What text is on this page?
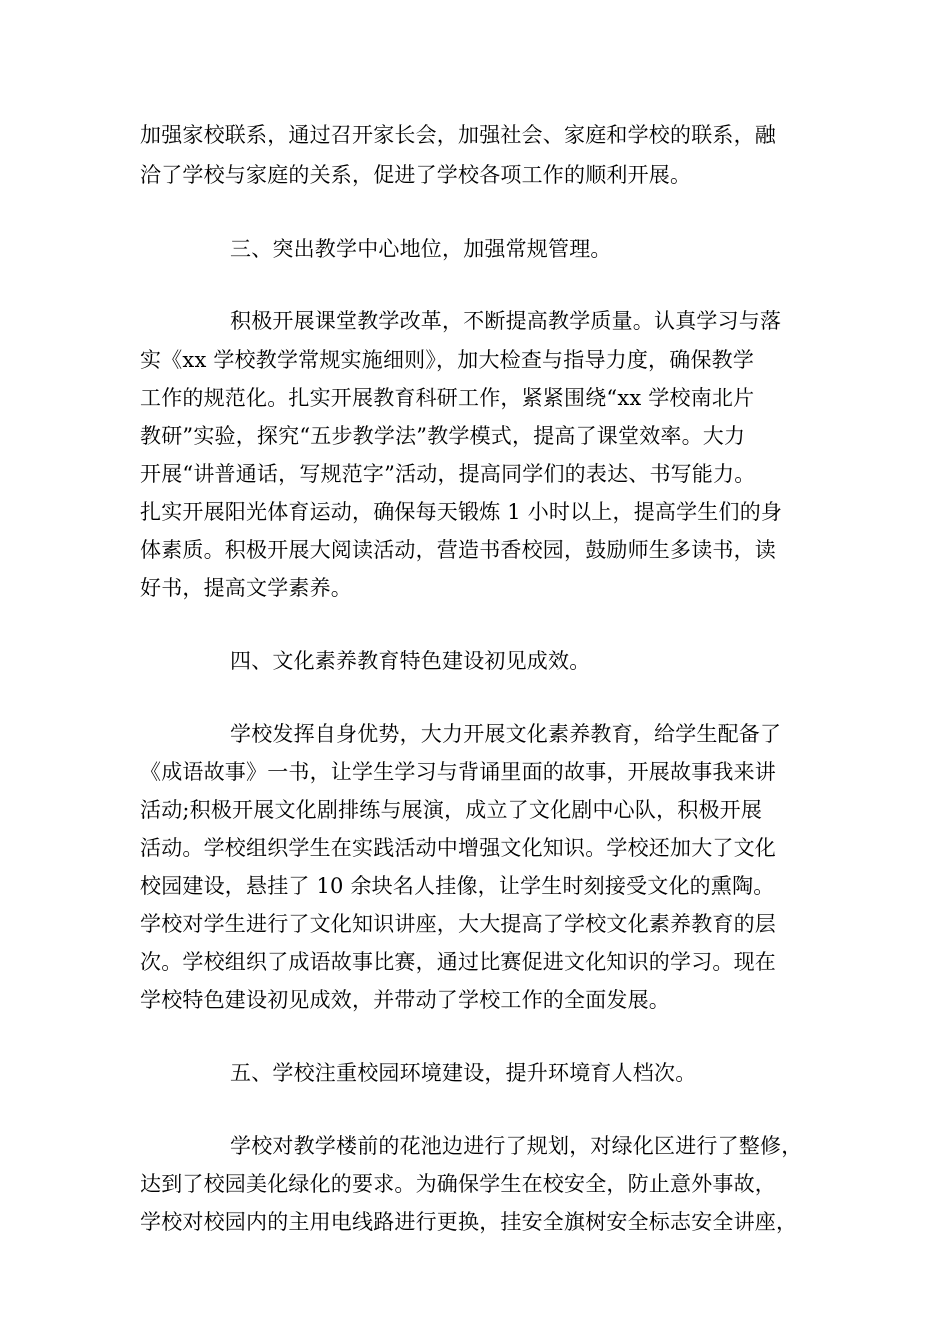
加强家校联系，通过召开家长会，加强社会、家庭和学校的联系，融
洽了学校与家庭的关系，促进了学校各项工作的顺利开展。
三、突出教学中心地位，加强常规管理。
积极开展课堂教学改革，不断提高教学质量。认真学习与落
实《xx 学校教学常规实施细则》，加大检查与指导力度，确保教学
工作的规范化。扎实开展教育科研工作，紧紧围绕“xx 学校南北片
教研”实验，探究“五步教学法”教学模式，提高了课堂效率。大力
开展“讲普通话，写规范字”活动，提高同学们的表达、书写能力。
扎实开展阳光体育运动，确保每天锻炼 1 小时以上，提高学生们的身
体素质。积极开展大阅读活动，营造书香校园，鼓励师生多读书，读
好书，提高文学素养。
四、文化素养教育特色建设初见成效。
学校发挥自身优势，大力开展文化素养教育，给学生配备了
《成语故事》一书，让学生学习与背诵里面的故事，开展故事我来讲
活动;积极开展文化剧排练与展演，成立了文化剧中心队，积极开展
活动。学校组织学生在实践活动中增强文化知识。学校还加大了文化
校园建设，悬挂了 10 余块名人挂像，让学生时刻接受文化的熏陶。
学校对学生进行了文化知识讲座，大大提高了学校文化素养教育的层
次。学校组织了成语故事比赛，通过比赛促进文化知识的学习。现在
学校特色建设初见成效，并带动了学校工作的全面发展。
五、学校注重校园环境建设，提升环境育人档次。
学校对教学楼前的花池边进行了规划，对绿化区进行了整修，
达到了校园美化绿化的要求。为确保学生在校安全，防止意外事故，
学校对校园内的主用电线路进行更换，挂安全旗树安全标志安全讲座，
